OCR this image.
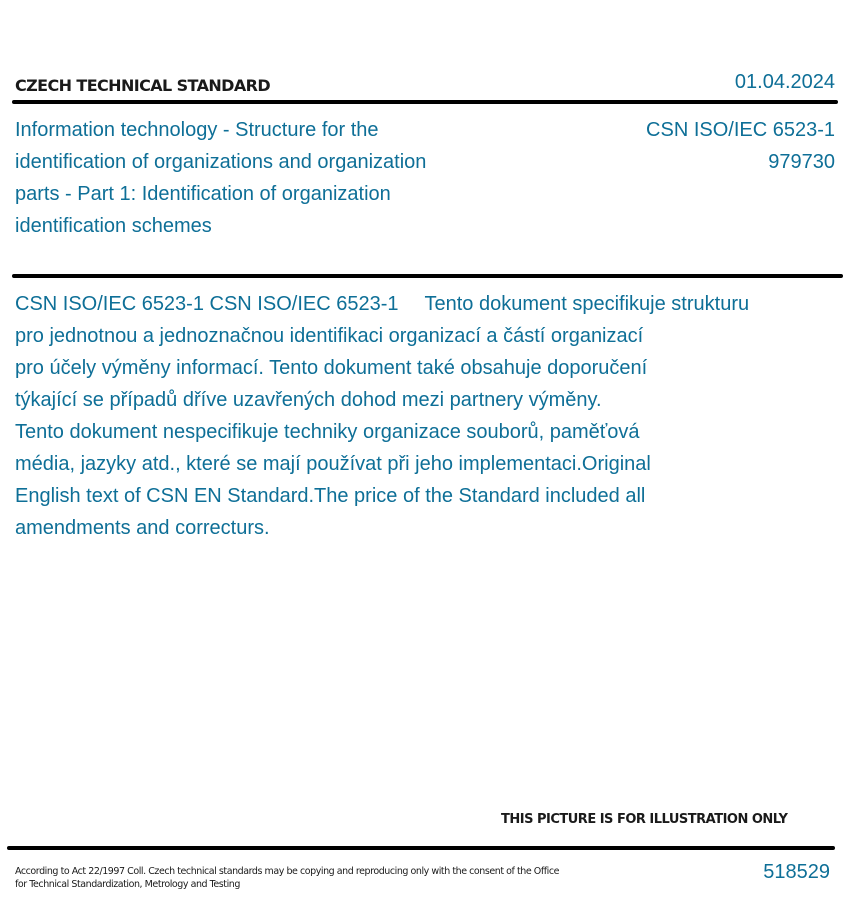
CZECH TECHNICAL STANDARD	01.04.2024
Information technology - Structure for the
identification of organizations and organization
parts - Part 1: Identification of organization
identification schemes
CSN ISO/IEC 6523-1
979730
CSN ISO/IEC 6523-1 CSN ISO/IEC 6523-1 Tento dokument specifikuje strukturu
pro jednotnou a jednoznačnou identifikaci organizací a částí organizací
pro účely výměny informací. Tento dokument také obsahuje doporučení
týkající se případů dříve uzavřených dohod mezi partnery výměny.
Tento dokument nespecifikuje techniky organizace souborů, paměťová
média, jazyky atd., které se mají používat při jeho implementaci.Original
English text of CSN EN Standard.The price of the Standard included all
amendments and correcturs.
THIS PICTURE IS FOR ILLUSTRATION ONLY
According to Act 22/1997 Coll. Czech technical standards may be copying and reproducing only with the consent of the Office
for Technical Standardization, Metrology and Testing
518529
